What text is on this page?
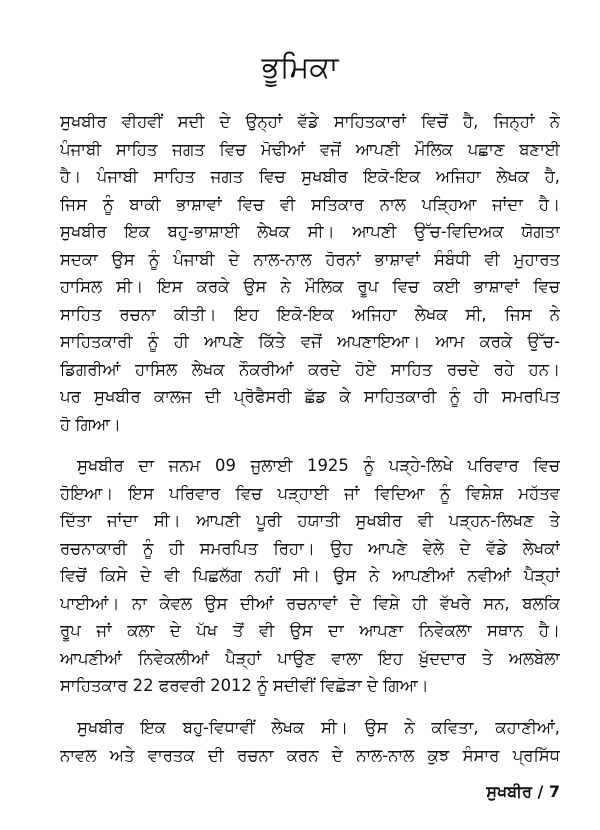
ਭੂਮਿਕਾ

ਸੁਖਬੀਰ ਵੀਹਵੀਂ ਸਦੀ ਦੇ ਉਨ੍ਹਾਂ ਵੱਡੇ ਸਾਹਿਤਕਾਰਾਂ ਵਿਚੋਂ ਹੈ, ਜਿਨ੍ਹਾਂ ਨੇ
ਪੰਜਾਬੀ ਸਾਹਿਤ ਜਗਤ ਵਿਚ ਮੋਢੀਆਂ ਵਜੋਂ ਆਪਣੀ ਮੌਲਿਕ ਪਛਾਣ ਬਣਾਈ
ਹੈ। ਪੰਜਾਬੀ ਸਾਹਿਤ ਜਗਤ ਵਿਚ ਸੁਖਬੀਰ ਇਕੋ-ਇਕ ਅਜਿਹਾ ਲੇਖਕ ਹੈ,
ਜਿਸ ਨੂੰ ਬਾਕੀ ਭਾਸ਼ਾਵਾਂ ਵਿਚ ਵੀ ਸਤਿਕਾਰ ਨਾਲ ਪੜ੍ਹਿਆ ਜਾਂਦਾ ਹੈ।
ਸੁਖਬੀਰ ਇਕ ਬਹੁ-ਭਾਸ਼ਾਈ ਲੇਖਕ ਸੀ। ਆਪਣੀ ਉੱਚ-ਵਿਦਿਅਕ ਯੋਗਤਾ
ਸਦਕਾ ਉਸ ਨੂੰ ਪੰਜਾਬੀ ਦੇ ਨਾਲ-ਨਾਲ ਹੋਰਨਾਂ ਭਾਸ਼ਾਵਾਂ ਸੰਬੰਧੀ ਵੀ ਮੁਹਾਰਤ
ਹਾਸਿਲ ਸੀ। ਇਸ ਕਰਕੇ ਉਸ ਨੇ ਮੌਲਿਕ ਰੂਪ ਵਿਚ ਕਈ ਭਾਸ਼ਾਵਾਂ ਵਿਚ
ਸਾਹਿਤ ਰਚਨਾ ਕੀਤੀ। ਇਹ ਇਕੋ-ਇਕ ਅਜਿਹਾ ਲੇਖਕ ਸੀ, ਜਿਸ ਨੇ
ਸਾਹਿਤਕਾਰੀ ਨੂੰ ਹੀ ਆਪਣੇ ਕਿੱਤੇ ਵਜੋਂ ਅਪਣਾਇਆ। ਆਮ ਕਰਕੇ ਉੱਚ-
ਡਿਗਰੀਆਂ ਹਾਸਿਲ ਲੇਖਕ ਨੌਕਰੀਆਂ ਕਰਦੇ ਹੋਏ ਸਾਹਿਤ ਰਚਦੇ ਰਹੇ ਹਨ।
ਪਰ ਸੁਖਬੀਰ ਕਾਲਜ ਦੀ ਪ੍ਰੋਫੈਸਰੀ ਛੱਡ ਕੇ ਸਾਹਿਤਕਾਰੀ ਨੂੰ ਹੀ ਸਮਰਪਿਤ
ਹੋ ਗਿਆ।

ਸੁਖਬੀਰ ਦਾ ਜਨਮ 09 ਜੁਲਾਈ 1925 ਨੂੰ ਪੜ੍ਹੇ-ਲਿਖੇ ਪਰਿਵਾਰ ਵਿਚ
ਹੋਇਆ। ਇਸ ਪਰਿਵਾਰ ਵਿਚ ਪੜ੍ਹਾਈ ਜਾਂ ਵਿਦਿਆ ਨੂੰ ਵਿਸ਼ੇਸ਼ ਮਹੱਤਵ
ਦਿੱਤਾ ਜਾਂਦਾ ਸੀ। ਆਪਣੀ ਪੂਰੀ ਹਯਾਤੀ ਸੁਖਬੀਰ ਵੀ ਪੜ੍ਹਨ-ਲਿਖਣ ਤੇ
ਰਚਨਾਕਾਰੀ ਨੂੰ ਹੀ ਸਮਰਪਿਤ ਰਿਹਾ। ਉਹ ਆਪਣੇ ਵੇਲੇ ਦੇ ਵੱਡੇ ਲੇਖਕਾਂ
ਵਿਚੋਂ ਕਿਸੇ ਦੇ ਵੀ ਪਿਛਲੱਗ ਨਹੀਂ ਸੀ। ਉਸ ਨੇ ਆਪਣੀਆਂ ਨਵੀਆਂ ਪੈੜ੍ਹਾਂ
ਪਾਈਆਂ। ਨਾ ਕੇਵਲ ਉਸ ਦੀਆਂ ਰਚਨਾਵਾਂ ਦੇ ਵਿਸ਼ੇ ਹੀ ਵੱਖਰੇ ਸਨ, ਬਲਕਿ
ਰੂਪ ਜਾਂ ਕਲਾ ਦੇ ਪੱਖ ਤੋਂ ਵੀ ਉਸ ਦਾ ਆਪਣਾ ਨਿਵੇਕਲਾ ਸਥਾਨ ਹੈ।
ਆਪਣੀਆਂ ਨਿਵੇਕਲੀਆਂ ਪੈੜ੍ਹਾਂ ਪਾਉਣ ਵਾਲਾ ਇਹ ਖ਼ੁੱਦਦਾਰ ਤੇ ਅਲਬੇਲਾ
ਸਾਹਿਤਕਾਰ 22 ਫਰਵਰੀ 2012 ਨੂੰ ਸਦੀਵੀਂ ਵਿਛੋੜਾ ਦੇ ਗਿਆ।

ਸੁਖਬੀਰ ਇਕ ਬਹੁ-ਵਿਧਾਵੀਂ ਲੇਖਕ ਸੀ। ਉਸ ਨੇ ਕਵਿਤਾ, ਕਹਾਣੀਆਂ,
ਨਾਵਲ ਅਤੇ ਵਾਰਤਕ ਦੀ ਰਚਨਾ ਕਰਨ ਦੇ ਨਾਲ-ਨਾਲ ਕੁਝ ਸੰਸਾਰ ਪ੍ਰਸਿੱਧ

ਸੁਖਬੀਰ / 7
